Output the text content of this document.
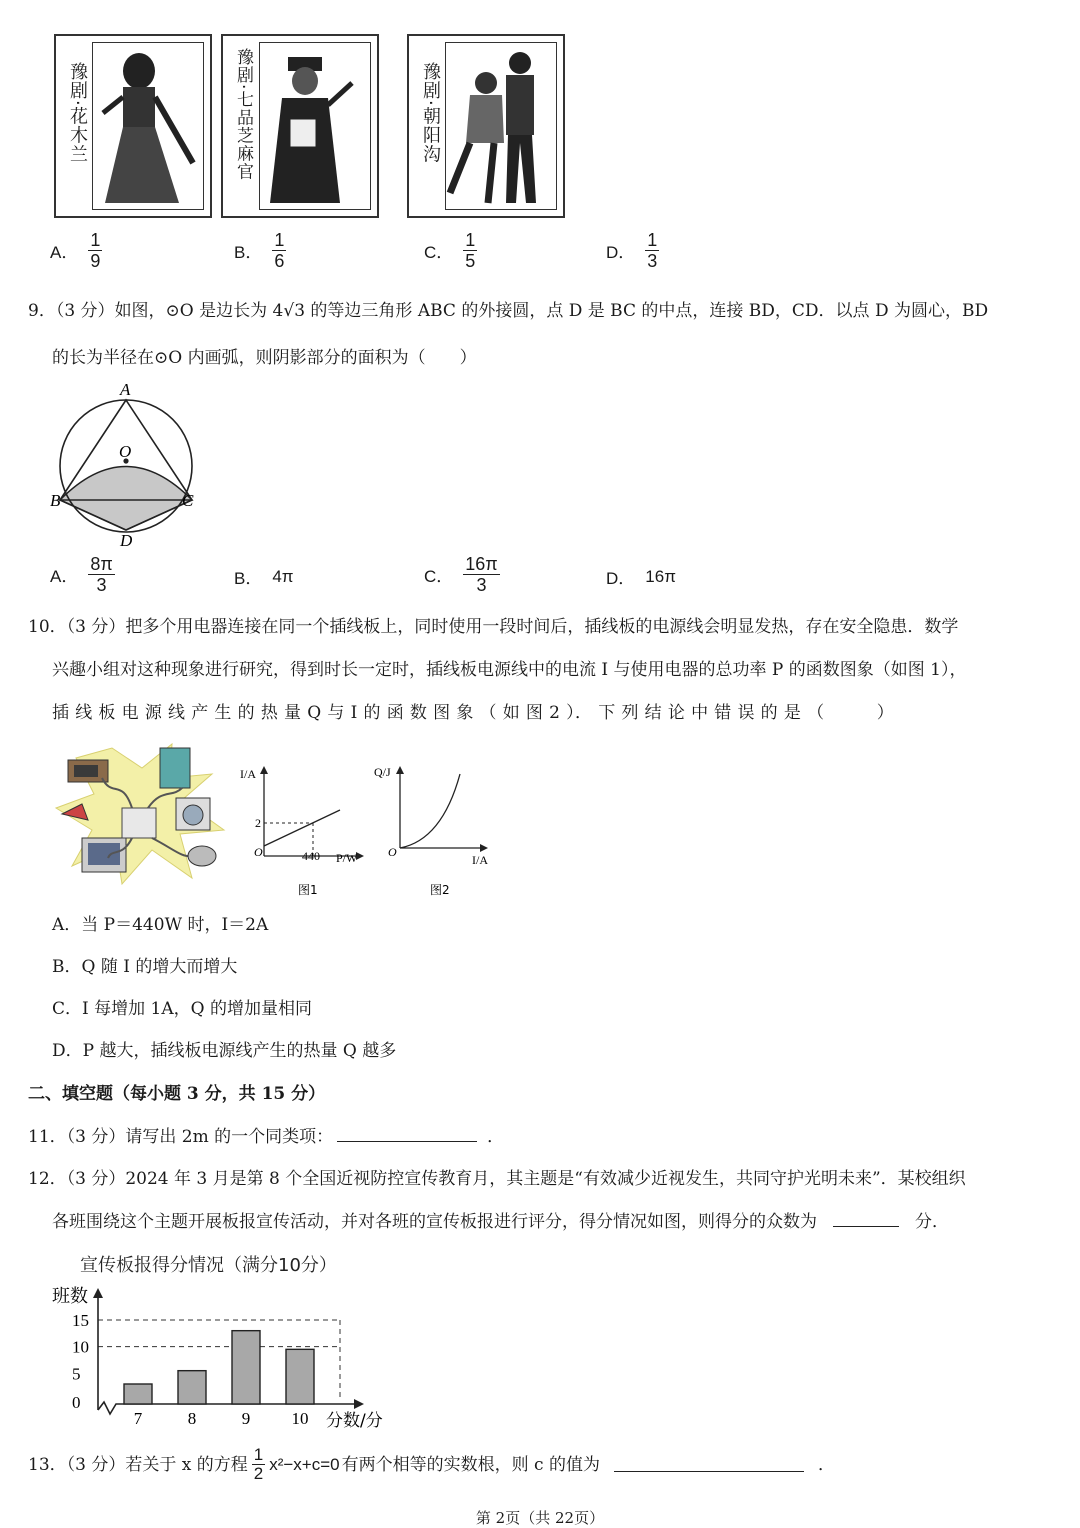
豫剧·花木兰	豫剧·七品芝麻官	豫剧·朝阳沟
A． $\frac{1}{9}$	B． $\frac{1}{6}$	C． $\frac{1}{5}$	D． $\frac{1}{3}$
9．（3 分）如图，⊙O 是边长为 4√3 的等边三角形 ABC 的外接圆，点 D 是 BC 的中点，连接 BD，CD．以点 D 为圆心，BD
的长为半径在⊙O 内画弧，则阴影部分的面积为（　　）
A
O
B	C
D
A． $\frac{8\pi}{3}$	B． 4π	C． $\frac{16\pi}{3}$	D． 16π
10．（3 分）把多个用电器连接在同一个插线板上，同时使用一段时间后，插线板的电源线会明显发热，存在安全隐患．数学
兴趣小组对这种现象进行研究，得到时长一定时，插线板电源线中的电流 I 与使用电器的总功率 P 的函数图象（如图 1），
插 线 板 电 源 线 产 生 的 热 量 Q 与 I 的 函 数 图 象 （ 如 图 2 ）． 下 列 结 论 中 错 误 的 是 （　　　）
I/A
P/W
O
2
440
图1
Q/J
I/A
O
图2
A．当 P＝440W 时，I＝2A
B．Q 随 I 的增大而增大
C．I 每增加 1A，Q 的增加量相同
D．P 越大，插线板电源线产生的热量 Q 越多
二、填空题（每小题 3 分，共 15 分）
11．（3 分）请写出 2m 的一个同类项：	．
12．（3 分）2024 年 3 月是第 8 个全国近视防控宣传教育月，其主题是“有效减少近视发生，共同守护光明未来”．某校组织
各班围绕这个主题开展板报宣传活动，并对各班的宣传板报进行评分，得分情况如图，则得分的众数为	分．
宣传板报得分情况（满分10分）
0
5
10
15
7	8	9 10
班数
分数/分
13．（3 分）若关于 x 的方程 $\frac{1}{2} x^2-x+c=0$ 有两个相等的实数根，则 c 的值为	．
第 2页（共 22页）
